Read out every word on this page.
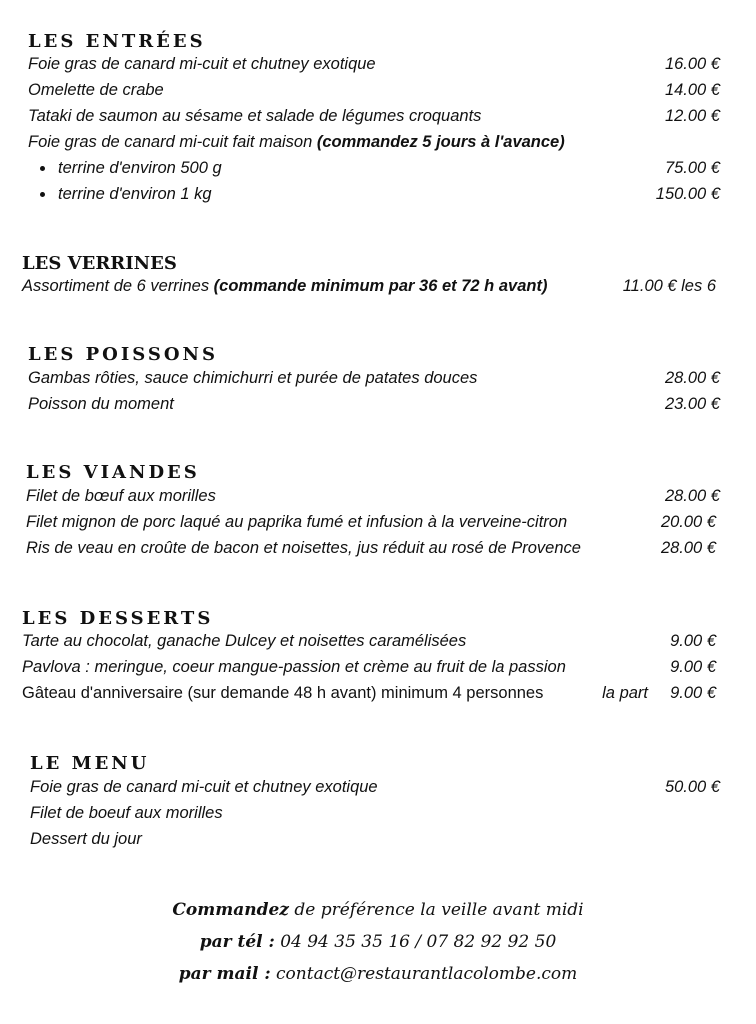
LES ENTRÉES
Foie gras de canard mi-cuit et chutney exotique	16.00 €
Omelette de crabe	14.00 €
Tataki de saumon au sésame et salade de légumes croquants	12.00 €
Foie gras de canard mi-cuit fait maison (commandez 5 jours à l'avance)
terrine d'environ 500 g	75.00 €
terrine d'environ 1 kg	150.00 €
LES VERRINES
Assortiment de 6 verrines (commande minimum par 36 et 72 h avant)	11.00 € les 6
LES POISSONS
Gambas rôties, sauce chimichurri et purée de patates douces	28.00 €
Poisson du moment	23.00 €
LES VIANDES
Filet de bœuf aux morilles	28.00 €
Filet mignon de porc laqué au paprika fumé et infusion à la verveine-citron	20.00 €
Ris de veau en croûte de bacon et noisettes, jus réduit au rosé de Provence	28.00 €
LES DESSERTS
Tarte au chocolat, ganache Dulcey et noisettes caramélisées	9.00 €
Pavlova : meringue, coeur mangue-passion et crème au fruit de la passion	9.00 €
Gâteau d'anniversaire (sur demande 48 h avant) minimum 4 personnes	la part 9.00 €
LE MENU
Foie gras de canard mi-cuit et chutney exotique	50.00 €
Filet de boeuf aux morilles
Dessert du jour
Commandez de préférence la veille avant midi
par tél : 04 94 35 35 16 / 07 82 92 92 50
par mail : contact@restaurantlacolombe.com
